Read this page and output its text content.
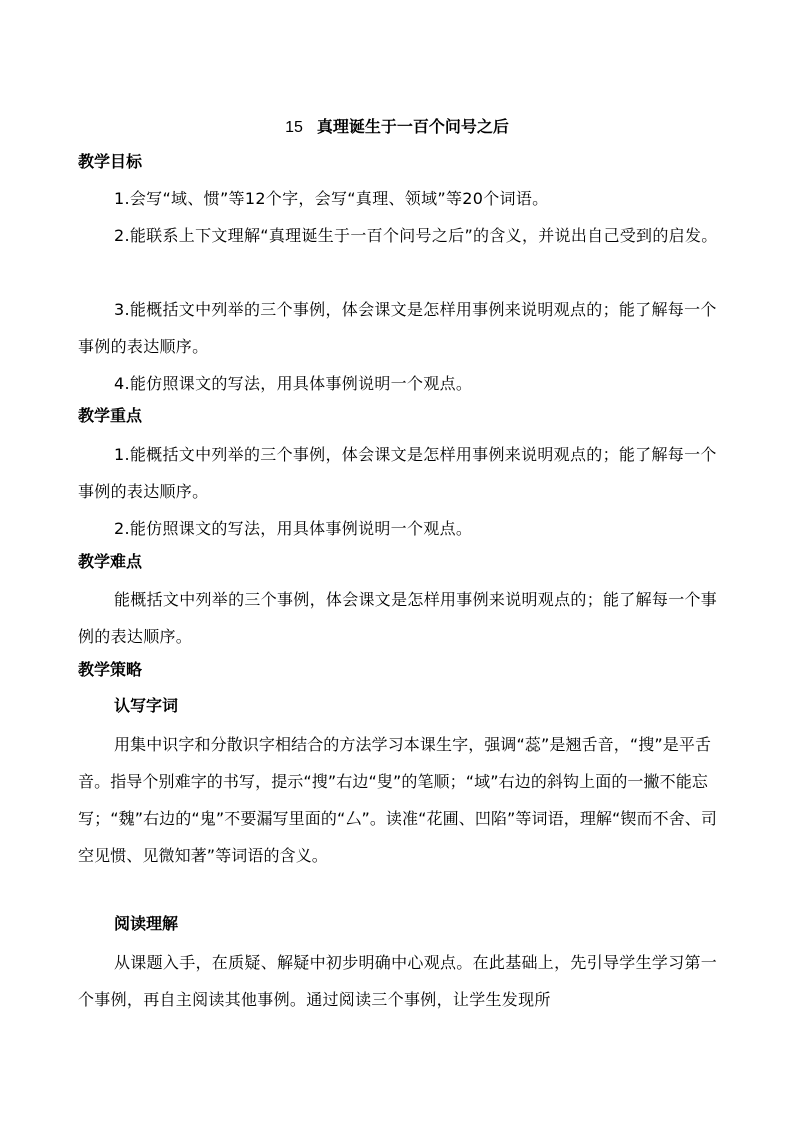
15 真理诞生于一百个问号之后
教学目标
1.会写“域、惯”等12个字，会写“真理、领域”等20个词语。
2.能联系上下文理解“真理诞生于一百个问号之后”的含义，并说出自己受到的启发。
3.能概括文中列举的三个事例，体会课文是怎样用事例来说明观点的；能了解每一个事例的表达顺序。
4.能仿照课文的写法，用具体事例说明一个观点。
教学重点
1.能概括文中列举的三个事例，体会课文是怎样用事例来说明观点的；能了解每一个事例的表达顺序。
2.能仿照课文的写法，用具体事例说明一个观点。
教学难点
能概括文中列举的三个事例，体会课文是怎样用事例来说明观点的；能了解每一个事例的表达顺序。
教学策略
认写字词
用集中识字和分散识字相结合的方法学习本课生字，强调“蕊”是翘舌音，“搜”是平舌音。指导个别难字的书写，提示“搜”右边“叟”的笔顺；“域”右边的斜钩上面的一撇不能忘写；“魏”右边的“鬼”不要漏写里面的“厶”。读准“花圃、凹陷”等词语，理解“锲而不舍、司空见惯、见微知著”等词语的含义。
阅读理解
从课题入手，在质疑、解疑中初步明确中心观点。在此基础上，先引导学生学习第一个事例，再自主阅读其他事例。通过阅读三个事例，让学生发现所
